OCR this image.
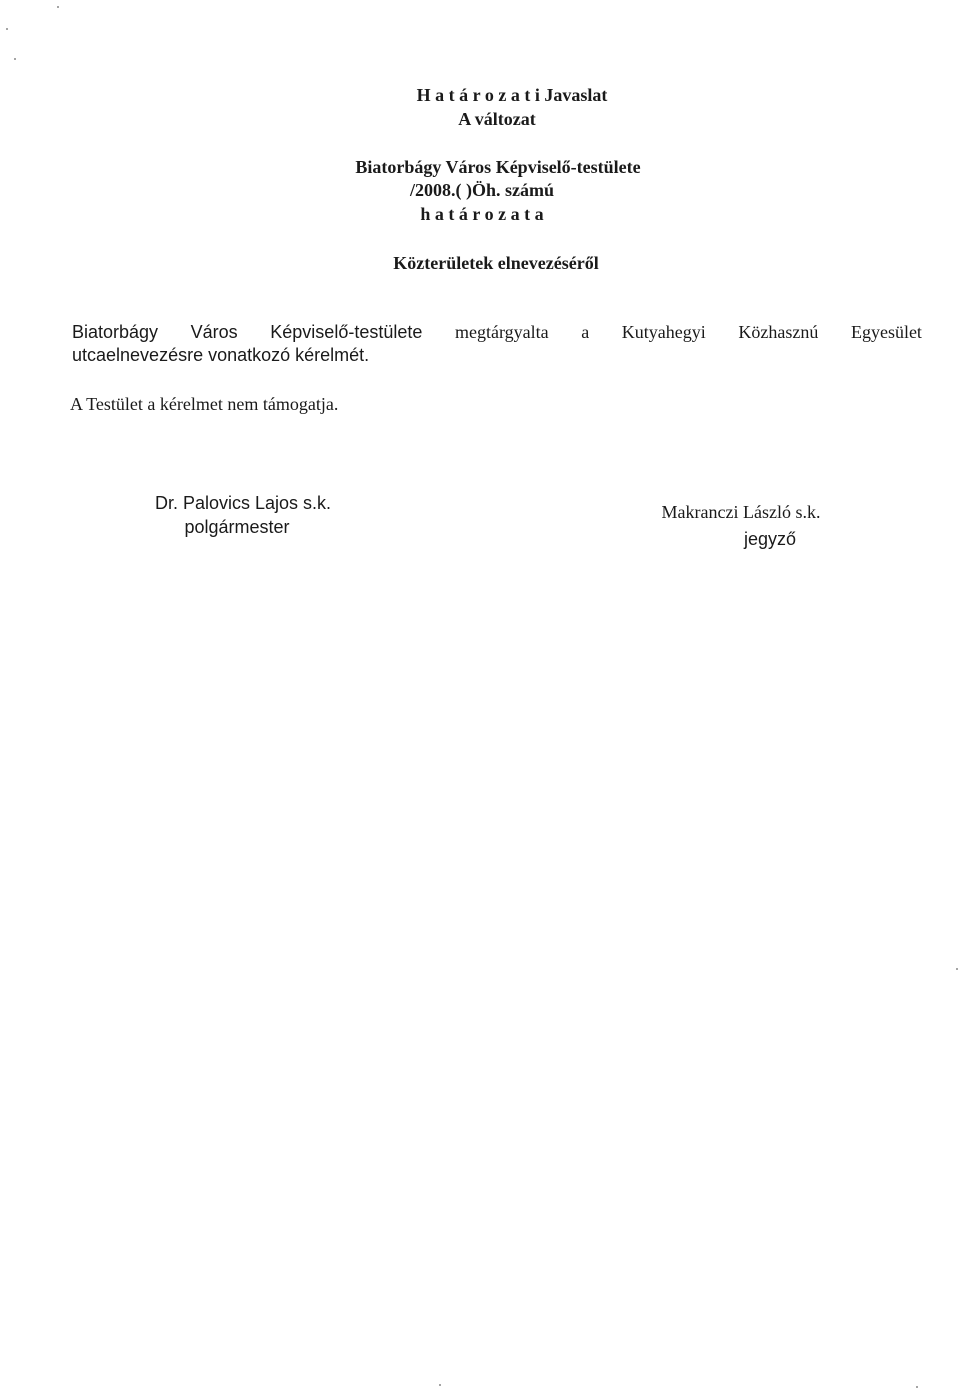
H a t á r o z a t i Javaslat
A változat
Biatorbágy Város Képviselő-testülete
/2008.( )Öh. számú
h a t á r o z a t a
Közterületek elnevezéséről
Biatorbágy Város Képviselő-testülete megtárgyalta a Kutyahegyi Közhasznú Egyesület
utcaelnevezésre vonatkozó kérelmét.
A Testület a kérelmet nem támogatja.
Dr. Palovics Lajos s.k.
polgármester
Makranczi László s.k.
jegyző
